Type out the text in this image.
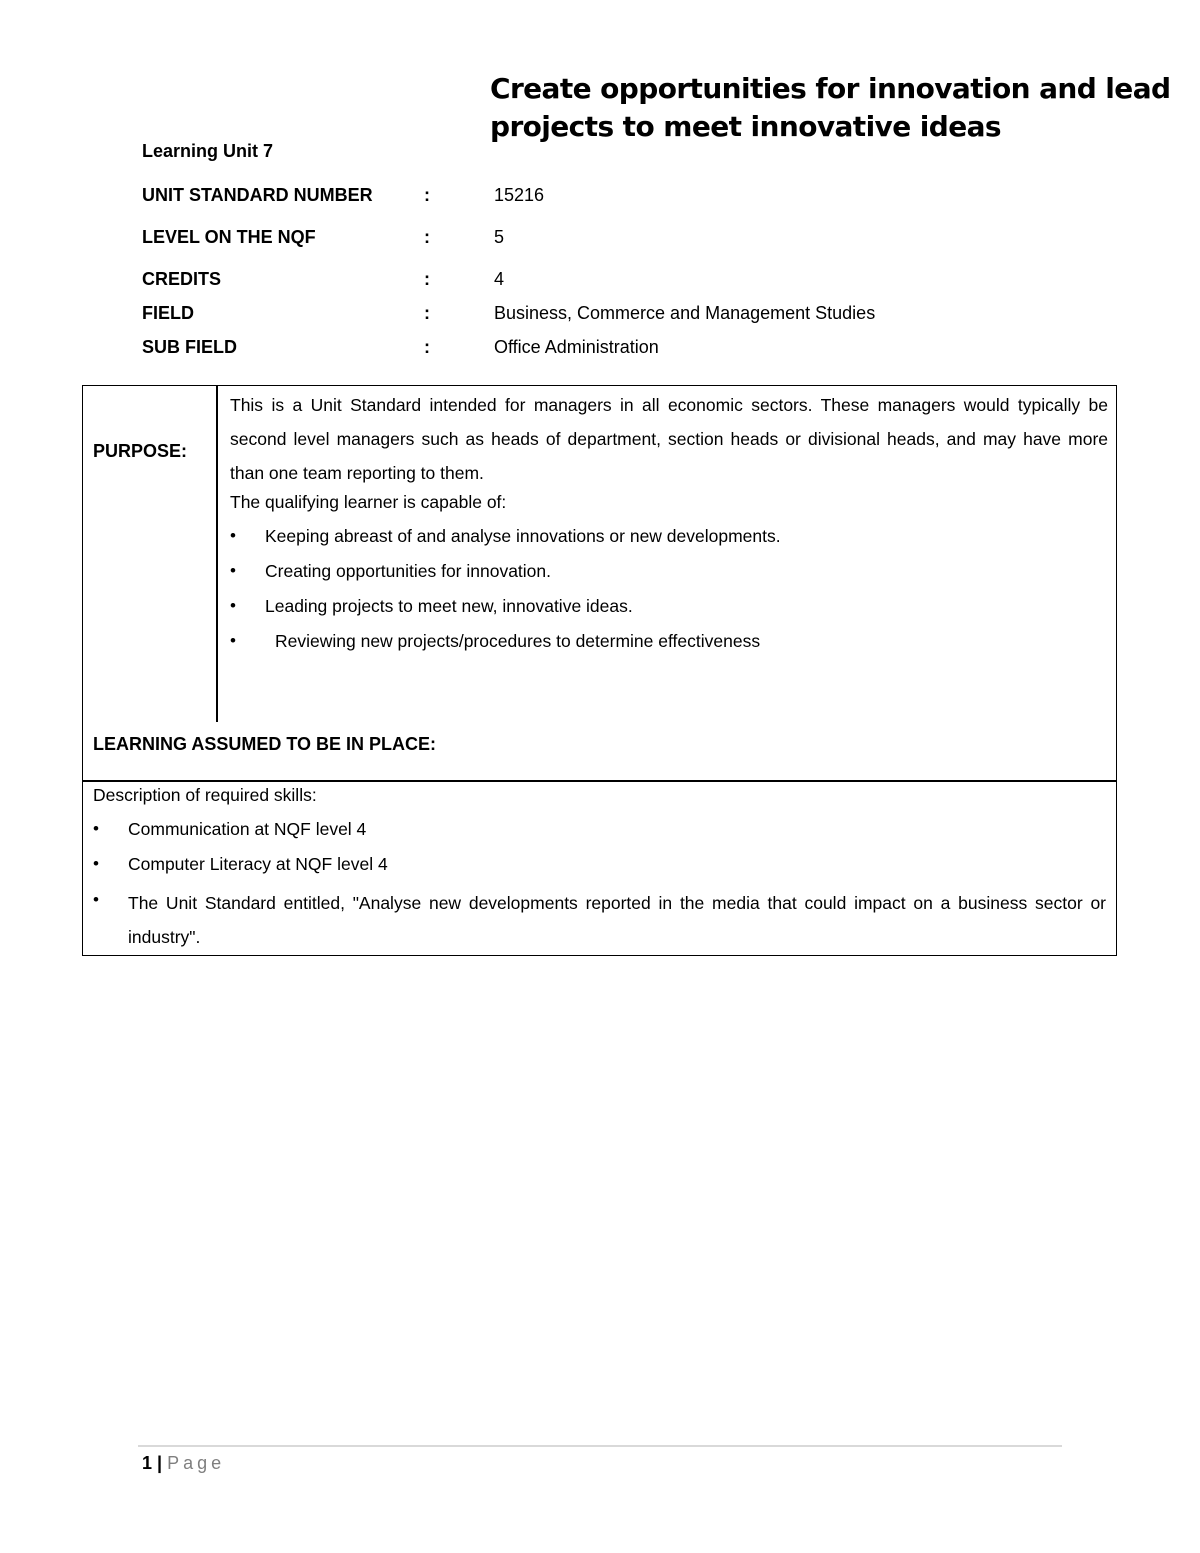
Create opportunities for innovation and lead projects to meet innovative ideas
Learning Unit 7
UNIT STANDARD NUMBER	:	15216
LEVEL ON THE NQF	:	5
CREDITS	:	4
FIELD	:	Business, Commerce and Management Studies
SUB FIELD	:	Office Administration
PURPOSE:
This is a Unit Standard intended for managers in all economic sectors. These managers would typically be second level managers such as heads of department, section heads or divisional heads, and may have more than one team reporting to them.
The qualifying learner is capable of:
• Keeping abreast of and analyse innovations or new developments.
• Creating opportunities for innovation.
• Leading projects to meet new, innovative ideas.
• Reviewing new projects/procedures to determine effectiveness
LEARNING ASSUMED TO BE IN PLACE:
Description of required skills:
• Communication at NQF level 4
• Computer Literacy at NQF level 4
• The Unit Standard entitled, "Analyse new developments reported in the media that could impact on a business sector or industry".
1 | Page
